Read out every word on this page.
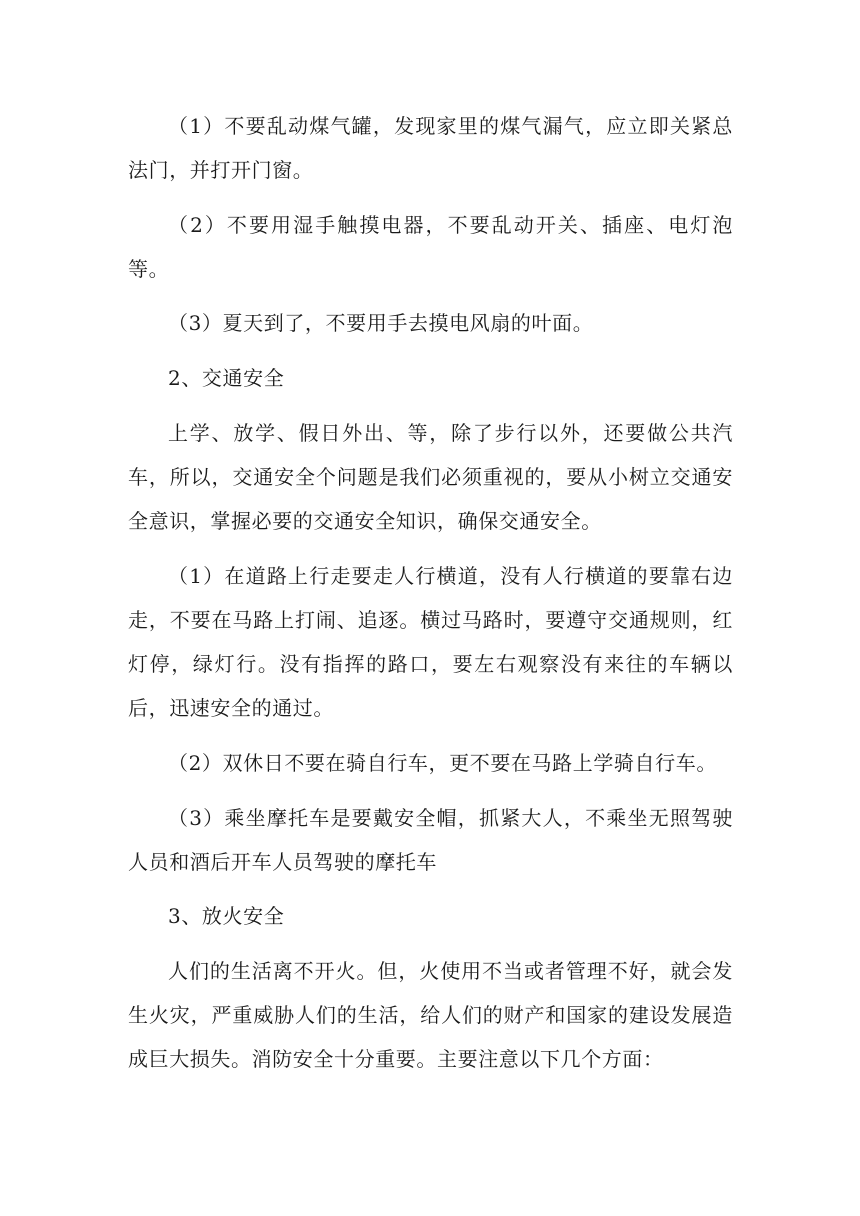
（1）不要乱动煤气罐，发现家里的煤气漏气，应立即关紧总法门，并打开门窗。

（2）不要用湿手触摸电器，不要乱动开关、插座、电灯泡等。

（3）夏天到了，不要用手去摸电风扇的叶面。

2、交通安全

上学、放学、假日外出、等，除了步行以外，还要做公共汽车，所以，交通安全个问题是我们必须重视的，要从小树立交通安全意识，掌握必要的交通安全知识，确保交通安全。

（1）在道路上行走要走人行横道，没有人行横道的要靠右边走，不要在马路上打闹、追逐。横过马路时，要遵守交通规则，红灯停，绿灯行。没有指挥的路口，要左右观察没有来往的车辆以后，迅速安全的通过。

（2）双休日不要在骑自行车，更不要在马路上学骑自行车。

（3）乘坐摩托车是要戴安全帽，抓紧大人，不乘坐无照驾驶人员和酒后开车人员驾驶的摩托车

3、放火安全

人们的生活离不开火。但，火使用不当或者管理不好，就会发生火灾，严重威胁人们的生活，给人们的财产和国家的建设发展造成巨大损失。消防安全十分重要。主要注意以下几个方面：
